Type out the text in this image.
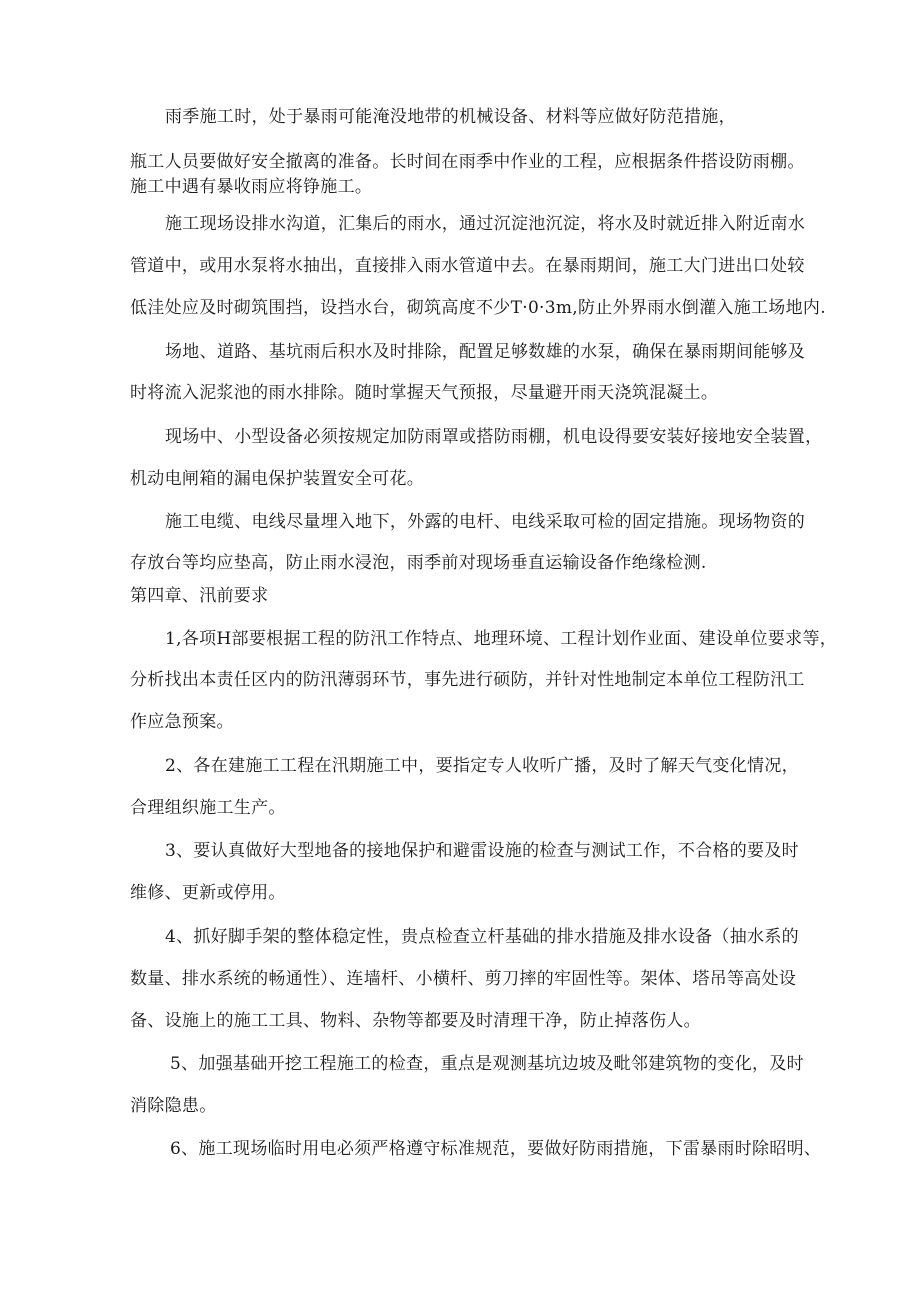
雨季施工时，处于暴雨可能淹没地带的机械设备、材料等应做好防范措施，
瓶工人员要做好安全撤离的准备。长时间在雨季中作业的工程，应根据条件搭设防雨棚。
施工中遇有暴收雨应将铮施工。
施工现场设排水沟道，汇集后的雨水，通过沉淀池沉淀，将水及时就近排入附近南水
管道中，或用水泵将水抽出，直接排入雨水管道中去。在暴雨期间，施工大门进出口处较
低洼处应及时砌筑围挡，设挡水台，砌筑高度不少T·0·3m,防止外界雨水倒灌入施工场地内.
场地、道路、基坑雨后积水及时排除，配置足够数雄的水泵，确保在暴雨期间能够及
时将流入泥浆池的雨水排除。随时掌握天气预报，尽量避开雨天浇筑混凝土。
现场中、小型设备必须按规定加防雨罩或搭防雨棚，机电设得要安装好接地安全装置，
机动电闸箱的漏电保护装置安全可花。
施工电缆、电线尽量埋入地下，外露的电杆、电线采取可检的固定措施。现场物资的
存放台等均应垫高，防止雨水浸泡，雨季前对现场垂直运输设备作绝缘检测.
第四章、汛前要求
1,各项H部要根据工程的防汛工作特点、地理环境、工程计划作业面、建设单位要求等，
分析找出本责任区内的防汛薄弱环节，事先进行硕防，并针对性地制定本单位工程防汛工
作应急预案。
2、各在建施工工程在汛期施工中，要指定专人收听广播，及时了解天气变化情况，
合理组织施工生产。
3、要认真做好大型地备的接地保护和避雷设施的检查与测试工作，不合格的要及时
维修、更新或停用。
4、抓好脚手架的整体稳定性，贵点检查立杆基础的排水措施及排水设备（抽水系的
数量、排水系统的畅通性）、连墙杆、小横杆、剪刀摔的牢固性等。架体、塔吊等高处设
备、设施上的施工工具、物料、杂物等都要及时清理干净，防止掉落伤人。
5、加强基础开挖工程施工的检查，重点是观测基坑边坡及毗邻建筑物的变化，及时
消除隐患。
6、施工现场临时用电必须严格遵守标准规范，要做好防雨措施，下雷暴雨时除昭明、
